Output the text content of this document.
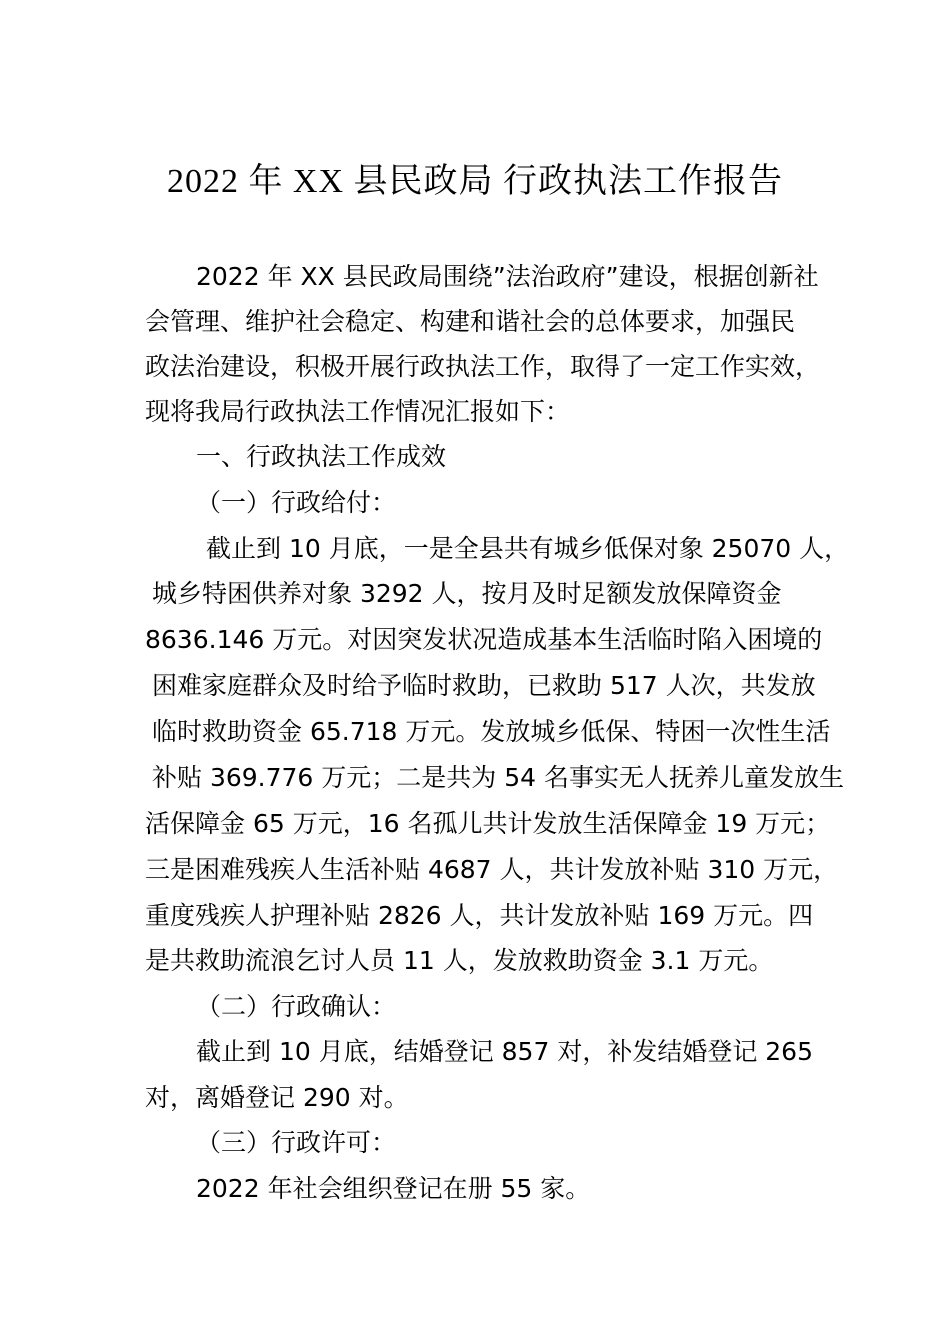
2022 年 XX 县民政局 行政执法工作报告
2022 年 XX 县民政局围绕”法治政府”建设，根据创新社
会管理、维护社会稳定、构建和谐社会的总体要求，加强民
政法治建设，积极开展行政执法工作，取得了一定工作实效，
现将我局行政执法工作情况汇报如下：
一、行政执法工作成效
（一）行政给付：
截止到 10 月底，一是全县共有城乡低保对象 25070 人，
城乡特困供养对象 3292 人，按月及时足额发放保障资金
8636.146 万元。对因突发状况造成基本生活临时陷入困境的
困难家庭群众及时给予临时救助，已救助 517 人次，共发放
临时救助资金 65.718 万元。发放城乡低保、特困一次性生活
补贴 369.776 万元；二是共为 54 名事实无人抚养儿童发放生
活保障金 65 万元，16 名孤儿共计发放生活保障金 19 万元；
三是困难残疾人生活补贴 4687 人，共计发放补贴 310 万元，
重度残疾人护理补贴 2826 人，共计发放补贴 169 万元。四
是共救助流浪乞讨人员 11 人，发放救助资金 3.1 万元。
（二）行政确认：
截止到 10 月底，结婚登记 857 对，补发结婚登记 265
对，离婚登记 290 对。
（三）行政许可：
2022 年社会组织登记在册 55 家。
